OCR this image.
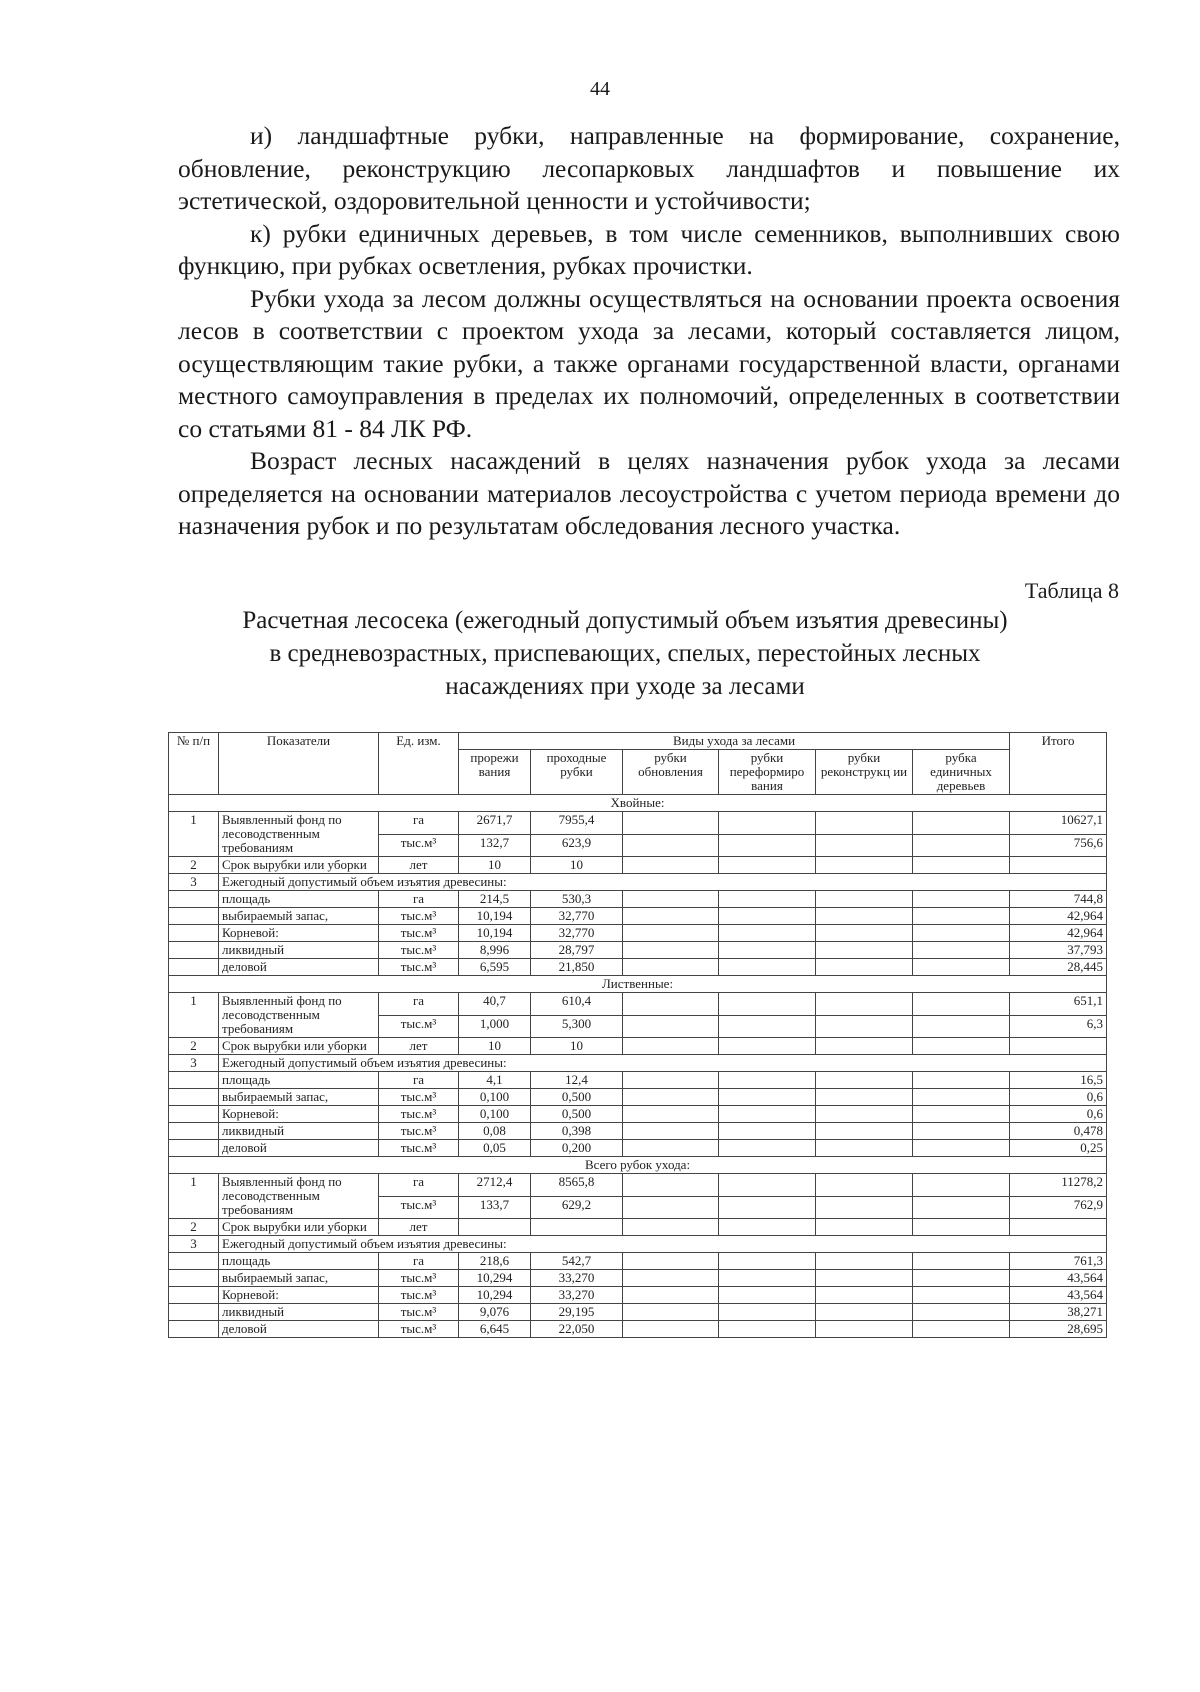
44

и) ландшафтные рубки, направленные на формирование, сохранение, обновление, реконструкцию лесопарковых ландшафтов и повышение их эстетической, оздоровительной ценности и устойчивости;

к) рубки единичных деревьев, в том числе семенников, выполнивших свою функцию, при рубках осветления, рубках прочистки.

Рубки ухода за лесом должны осуществляться на основании проекта освоения лесов в соответствии с проектом ухода за лесами, который составляется лицом, осуществляющим такие рубки, а также органами государственной власти, органами местного самоуправления в пределах их полномочий, определенных в соответствии со статьями 81 - 84 ЛК РФ.

Возраст лесных насаждений в целях назначения рубок ухода за лесами определяется на основании материалов лесоустройства с учетом периода времени до назначения рубок и по результатам обследования лесного участка.

Таблица 8
Расчетная лесосека (ежегодный допустимый объем изъятия древесины) в средневозрастных, приспевающих, спелых, перестойных лесных насаждениях при уходе за лесами
№ п/п	Показатели	Ед. изм.	Виды ухода за лесами						Итого
			прорежи вания	проходные рубки	рубки обновления	рубки переформиро вания	рубки реконструкц ии	рубка единичных деревьев	
Хвойные:									
1	Выявленный фонд по лесоводственным требованиям	га	2671,7	7955,4					10627,1
		тыс.м³	132,7	623,9					756,6
2	Срок вырубки или уборки	лет	10	10					
3	Ежегодный допустимый объем изъятия древесины:								
	площадь	га	214,5	530,3					744,8
	выбираемый запас,	тыс.м³	10,194	32,770					42,964
	Корневой:	тыс.м³	10,194	32,770					42,964
	ликвидный	тыс.м³	8,996	28,797					37,793
	деловой	тыс.м³	6,595	21,850					28,445
Лиственные:									
1	Выявленный фонд по лесоводственным требованиям	га	40,7	610,4					651,1
		тыс.м³	1,000	5,300					6,3
2	Срок вырубки или уборки	лет	10	10					
3	Ежегодный допустимый объем изъятия древесины:								
	площадь	га	4,1	12,4					16,5
	выбираемый запас,	тыс.м³	0,100	0,500					0,6
	Корневой:	тыс.м³	0,100	0,500					0,6
	ликвидный	тыс.м³	0,08	0,398					0,478
	деловой	тыс.м³	0,05	0,200					0,25
Всего рубок ухода:									
1	Выявленный фонд по лесоводственным требованиям	га	2712,4	8565,8					11278,2
		тыс.м³	133,7	629,2					762,9
2	Срок вырубки или уборки	лет							
3	Ежегодный допустимый объем изъятия древесины:								
	площадь	га	218,6	542,7					761,3
	выбираемый запас,	тыс.м³	10,294	33,270					43,564
	Корневой:	тыс.м³	10,294	33,270					43,564
	ликвидный	тыс.м³	9,076	29,195					38,271
	деловой	тыс.м³	6,645	22,050					28,695
